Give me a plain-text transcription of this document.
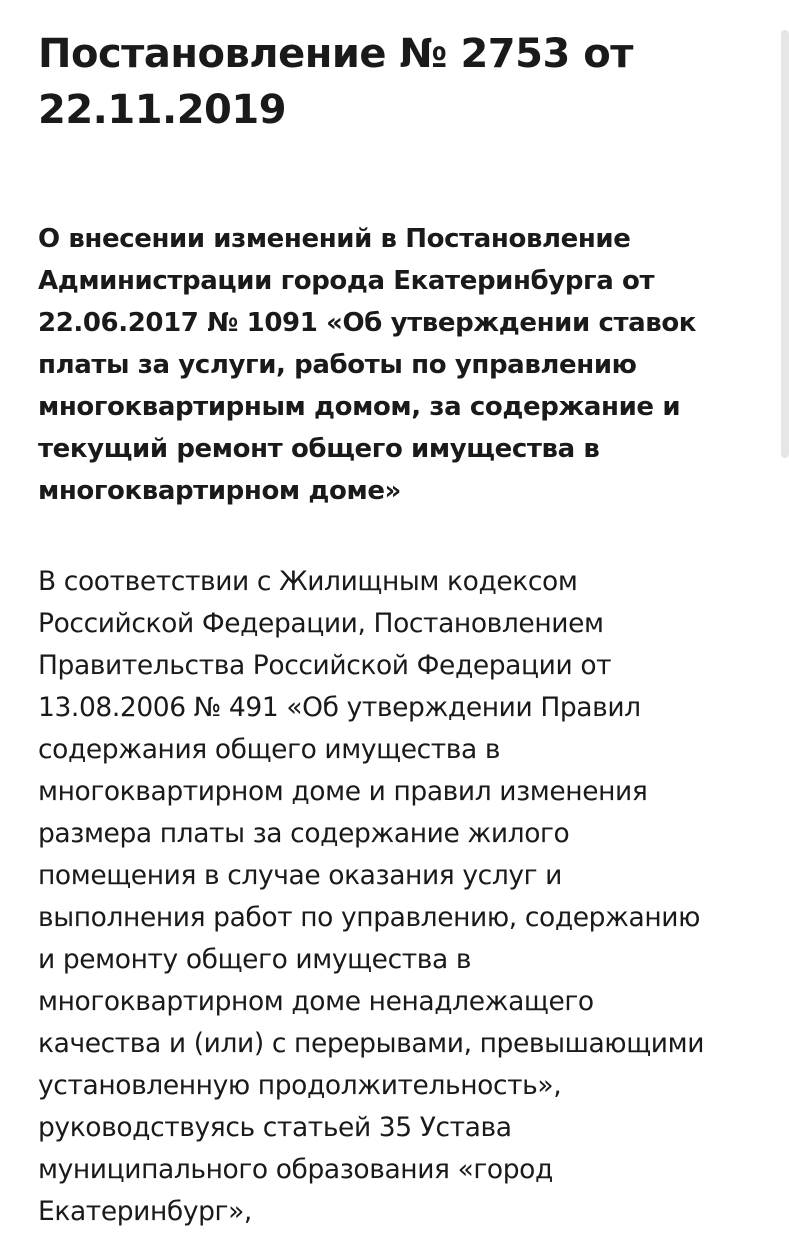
Постановление № 2753 от
22.11.2019
О внесении изменений в Постановление
Администрации города Екатеринбурга от
22.06.2017 № 1091 «Об утверждении ставок
платы за услуги, работы по управлению
многоквартирным домом, за содержание и
текущий ремонт общего имущества в
многоквартирном доме»

В соответствии с Жилищным кодексом
Российской Федерации, Постановлением
Правительства Российской Федерации от
13.08.2006 № 491 «Об утверждении Правил
содержания общего имущества в
многоквартирном доме и правил изменения
размера платы за содержание жилого
помещения в случае оказания услуг и
выполнения работ по управлению, содержанию
и ремонту общего имущества в
многоквартирном доме ненадлежащего
качества и (или) с перерывами, превышающими
установленную продолжительность»,
руководствуясь статьей 35 Устава
муниципального образования «город
Екатеринбург»,
